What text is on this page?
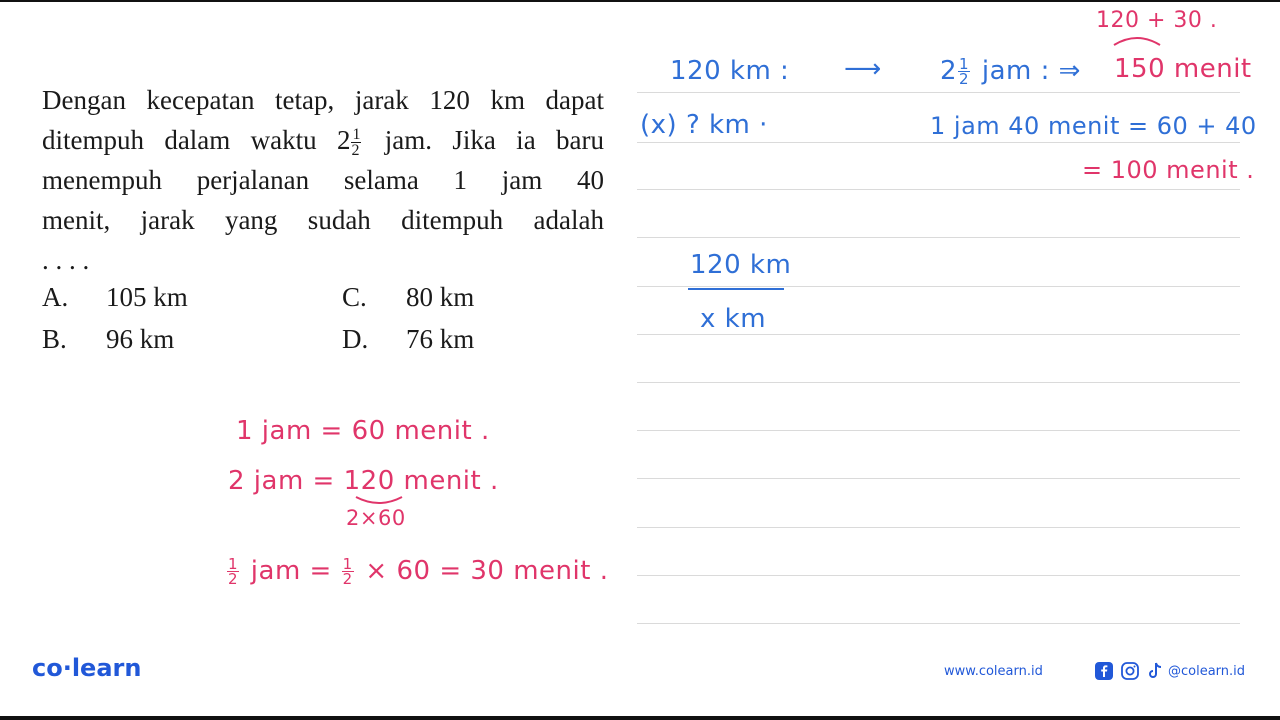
Dengan kecepatan tetap, jarak 120 km dapat
ditempuh dalam waktu $2 \frac{1}{2}$ jam. Jika ia baru
menempuh perjalanan selama 1 jam 40
menit, jarak yang sudah ditempuh adalah
. . . .
A. 105 km	C. 80 km
B. 96 km	D. 76 km
1 jam = 60 menit .
2 jam = 120 menit .
2×60
$\frac{1}{2}$ jam = $\frac{1}{2} \times 60 = 30$ menit .
120 + 30 .
120 km : ⟶ $2 \frac{1}{2}$ jam : ⇒ 150 menit
(x) ? km ·	1 jam 40 menit = 60 + 40
= 100 menit .
120 km
x km
co·learn	www.colearn.id	@colearn.id
